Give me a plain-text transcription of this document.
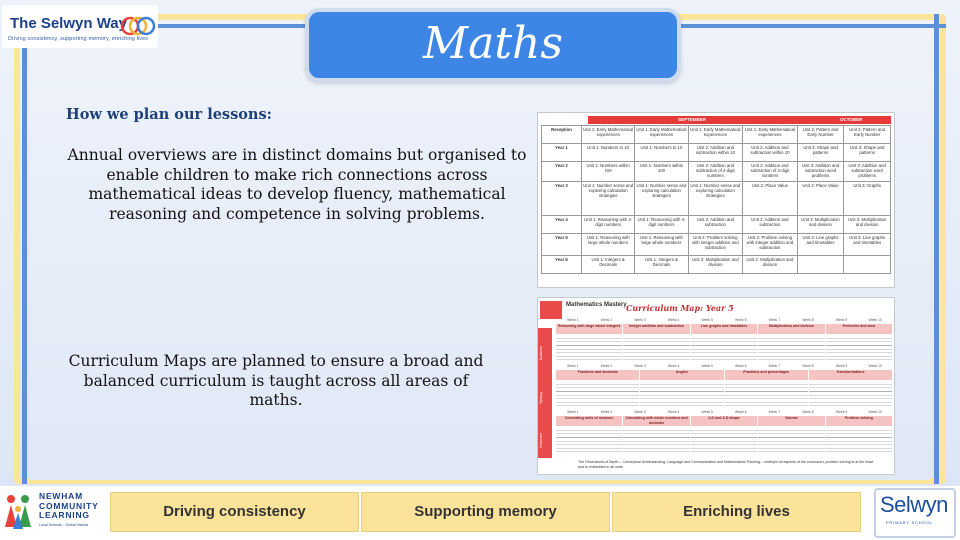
The Selwyn Way
Driving consistency, supporting memory, enriching lives	Maths
How we plan our lessons:
Annual overviews are in distinct domains but organised to enable children to make rich connections across mathematical ideas to develop fluency, mathematical reasoning and competence in solving problems.
Curriculum Maps are planned to ensure a broad and balanced curriculum is taught across all areas of maths.
SEPTEMBER	OCTOBER
Reception	Unit 1: Early Mathematical experiences	Unit 1: Early Mathematical experiences	Unit 1: Early Mathematical experiences	Unit 1: Early Mathematical experiences	Unit 2: Pattern and Early Number	Unit 2: Pattern and Early Number
Year 1	Unit 1: Numbers to 10	Unit 1: Numbers to 10	Unit 2: Addition and subtraction within 10	Unit 2: Addition and subtraction within 10	Unit 3: Shape and patterns	Unit 3: Shape and patterns
Year 2	Unit 1: Numbers within 100	Unit 1: Numbers within 100	Unit 2: Addition and subtraction of 2-digit numbers	Unit 2: Addition and subtraction of 2-digit numbers	Unit 3: Addition and subtraction word problems	Unit 3: Addition and subtraction word problems
Year 3	Unit 1: Number sense and exploring calculation strategies	Unit 1: Number sense and exploring calculation strategies	Unit 1: Number sense and exploring calculation strategies	Unit 2: Place Value	Unit 2: Place Value	Unit 3: Graphs
Year 4	Unit 1: Reasoning with 4-digit numbers	Unit 1: Reasoning with 4-digit numbers	Unit 2: Addition and subtraction	Unit 2: Addition and subtraction	Unit 3: Multiplication and division	Unit 3: Multiplication and division
Year 5	Unit 1: Reasoning with large whole numbers	Unit 1: Reasoning with large whole numbers	Unit 2: Problem solving with integer addition and subtraction	Unit 2: Problem solving with integer addition and subtraction	Unit 3: Line graphs and timetables	Unit 3: Line graphs and timetables
Year 6	Unit 1: Integers & Decimals	Unit 1: Integers & Decimals	Unit 2: Multiplication and division	Unit 2: Multiplication and division		
Mathematics Mastery Curriculum Map: Year 5
Autumn
Spring
Summer
Week 1	Week 2	Week 3	Week 4	Week 5	Week 6	Week 7	Week 8	Week 9	Week 10
Reasoning with large whole integers	Integer addition and subtraction	Line graphs and timetables	Multiplication and division	Perimeter and area
Week 1	Week 2	Week 3	Week 4	Week 5	Week 6	Week 7	Week 8	Week 9	Week 10
Fractions and decimals	Angles	Fractions and percentages	Transformations
Week 1	Week 2	Week 3	Week 4	Week 5	Week 6	Week 7	Week 8	Week 9	Week 10
Converting units of measure	Calculating with whole numbers and decimals
2-D and 3-D shape	Volume	Problem solving
The Dimensions of Depth – Conceptual Understanding, Language and Communication and Mathematical Thinking – underpin all aspects of the curriculum; problem solving is at the heart and is embedded in all units.
NEWHAM COMMUNITY LEARNING
Local Schools – Global Visions
Driving consistency	Supporting memory	Enriching lives	Selwyn
PRIMARY SCHOOL
